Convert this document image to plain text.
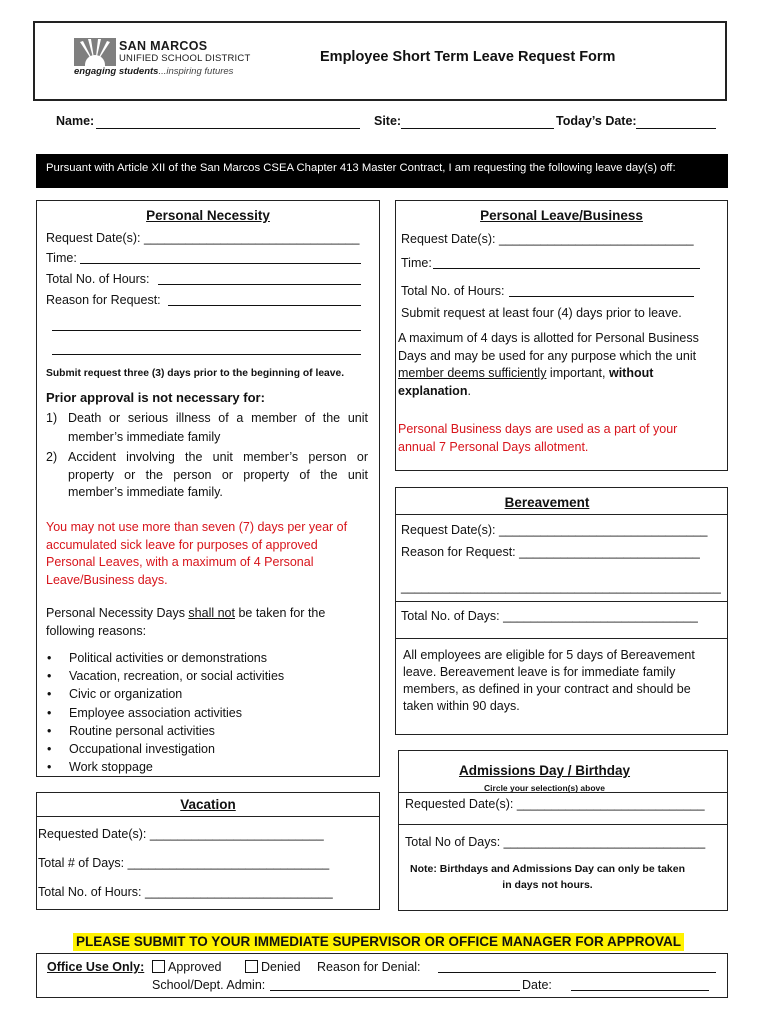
SAN MARCOS
UNIFIED SCHOOL DISTRICT
engaging students...inspiring futures
Employee Short Term Leave Request Form
Name:	Site:	Today’s Date:
Pursuant with Article XII of the San Marcos CSEA Chapter 413 Master Contract, I am requesting the following leave day(s) off:
Personal Necessity
Request Date(s): _______________________________
Time:
Total No. of Hours:
Reason for Request:
Submit request three (3) days prior to the beginning of leave.
Prior approval is not necessary for:
1) Death or serious illness of a member of the unit member’s immediate family
2) Accident involving the unit member’s person or property or the person or property of the unit member’s immediate family.
You may not use more than seven (7) days per year of accumulated sick leave for purposes of approved Personal Leaves, with a maximum of 4 Personal Leave/Business days.
Personal Necessity Days shall not be taken for the following reasons:
• Political activities or demonstrations
• Vacation, recreation, or social activities
• Civic or organization
• Employee association activities
• Routine personal activities
• Occupational investigation
• Work stoppage
Personal Leave/Business
Request Date(s): ____________________________
Time:
Total No. of Hours:
Submit request at least four (4) days prior to leave.
A maximum of 4 days is allotted for Personal Business Days and may be used for any purpose which the unit member deems sufficiently important, without explanation.
Personal Business days are used as a part of your annual 7 Personal Days allotment.
Bereavement
Request Date(s): ______________________________
Reason for Request: __________________________
______________________________________________
Total No. of Days: ____________________________
All employees are eligible for 5 days of Bereavement leave. Bereavement leave is for immediate family members, as defined in your contract and should be taken within 90 days.
Admissions Day / Birthday
Circle your selection(s) above
Requested Date(s): ___________________________
Total No of Days: _____________________________
Note: Birthdays and Admissions Day can only be taken in days not hours.
Vacation
Requested Date(s): _________________________
Total # of Days: _____________________________
Total No. of Hours: ___________________________
PLEASE SUBMIT TO YOUR IMMEDIATE SUPERVISOR OR OFFICE MANAGER FOR APPROVAL
Office Use Only:	Approved	Denied Reason for Denial:
School/Dept. Admin:	Date:
